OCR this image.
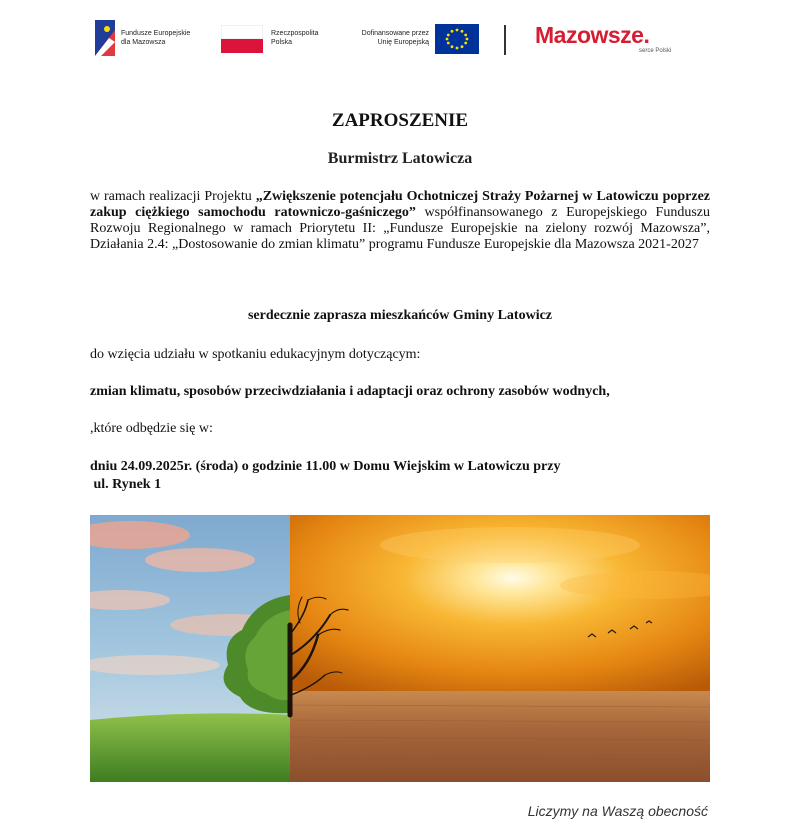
Fundusze Europejskie
dla Mazowsza
Rzeczpospolita
Polska
Dofinansowane przez
Unię Europejską	Mazowsze.
serce Polski
ZAPROSZENIE
Burmistrz Latowicza
w ramach realizacji Projektu „Zwiększenie potencjału Ochotniczej Straży Pożarnej w Latowiczu poprzez zakup ciężkiego samochodu ratowniczo-gaśniczego” współfinansowanego z Europejskiego Funduszu Rozwoju Regionalnego w ramach Priorytetu II: „Fundusze Europejskie na zielony rozwój Mazowsza”, Działania 2.4: „Dostosowanie do zmian klimatu” programu Fundusze Europejskie dla Mazowsza 2021-2027
serdecznie zaprasza mieszkańców Gminy Latowicz
do wzięcia udziału w spotkaniu edukacyjnym dotyczącym:
zmian klimatu, sposobów przeciwdziałania i adaptacji oraz ochrony zasobów wodnych,
,które odbędzie się w:
dniu 24.09.2025r. (środa) o godzinie 11.00 w Domu Wiejskim w Latowiczu przy
ul. Rynek 1
Liczymy na Waszą obecność
